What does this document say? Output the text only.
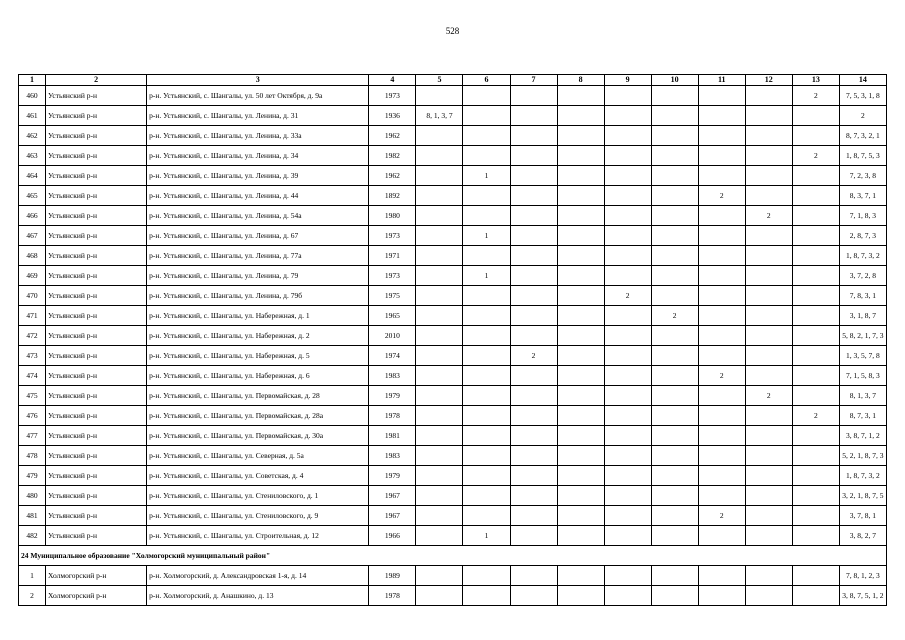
528
1	2	3	4	5	6	7	8	9	10	11	12	13	14
460	Устьянский р-н	р-н. Устьянский, с. Шангалы, ул. 50 лет Октября, д. 9а	1973									2	7, 5, 3, 1, 8
461	Устьянский р-н	р-н. Устьянский, с. Шангалы, ул. Ленина, д. 31	1936	8, 1, 3, 7									2
462	Устьянский р-н	р-н. Устьянский, с. Шангалы, ул. Ленина, д. 33а	1962										8, 7, 3, 2, 1
463	Устьянский р-н	р-н. Устьянский, с. Шангалы, ул. Ленина, д. 34	1982									2	1, 8, 7, 5, 3
464	Устьянский р-н	р-н. Устьянский, с. Шангалы, ул. Ленина, д. 39	1962		1								7, 2, 3, 8
465	Устьянский р-н	р-н. Устьянский, с. Шангалы, ул. Ленина, д. 44	1892							2			8, 3, 7, 1
466	Устьянский р-н	р-н. Устьянский, с. Шангалы, ул. Ленина, д. 54а	1980								2		7, 1, 8, 3
467	Устьянский р-н	р-н. Устьянский, с. Шангалы, ул. Ленина, д. 67	1973		1								2, 8, 7, 3
468	Устьянский р-н	р-н. Устьянский, с. Шангалы, ул. Ленина, д. 77а	1971										1, 8, 7, 3, 2
469	Устьянский р-н	р-н. Устьянский, с. Шангалы, ул. Ленина, д. 79	1973		1								3, 7, 2, 8
470	Устьянский р-н	р-н. Устьянский, с. Шангалы, ул. Ленина, д. 79б	1975					2					7, 8, 3, 1
471	Устьянский р-н	р-н. Устьянский, с. Шангалы, ул. Набережная, д. 1	1965						2				3, 1, 8, 7
472	Устьянский р-н	р-н. Устьянский, с. Шангалы, ул. Набережная, д. 2	2010										5, 8, 2, 1, 7, 3
473	Устьянский р-н	р-н. Устьянский, с. Шангалы, ул. Набережная, д. 5	1974			2							1, 3, 5, 7, 8
474	Устьянский р-н	р-н. Устьянский, с. Шангалы, ул. Набережная, д. 6	1983							2			7, 1, 5, 8, 3
475	Устьянский р-н	р-н. Устьянский, с. Шангалы, ул. Первомайская, д. 28	1979								2		8, 1, 3, 7
476	Устьянский р-н	р-н. Устьянский, с. Шангалы, ул. Первомайская, д. 28а	1978									2	8, 7, 3, 1
477	Устьянский р-н	р-н. Устьянский, с. Шангалы, ул. Первомайская, д. 30а	1981										3, 8, 7, 1, 2
478	Устьянский р-н	р-н. Устьянский, с. Шангалы, ул. Северная, д. 5а	1983										5, 2, 1, 8, 7, 3
479	Устьянский р-н	р-н. Устьянский, с. Шангалы, ул. Советская, д. 4	1979										1, 8, 7, 3, 2
480	Устьянский р-н	р-н. Устьянский, с. Шангалы, ул. Стениловского, д. 1	1967										3, 2, 1, 8, 7, 5
481	Устьянский р-н	р-н. Устьянский, с. Шангалы, ул. Стениловского, д. 9	1967							2			3, 7, 8, 1
482	Устьянский р-н	р-н. Устьянский, с. Шангалы, ул. Строительная, д. 12	1966		1								3, 8, 2, 7
24 Муниципальное образование "Холмогорский муниципальный район"													
1	Холмогорский р-н	р-н. Холмогорский, д. Александровская 1-я, д. 14	1989										7, 8, 1, 2, 3
2	Холмогорский р-н	р-н. Холмогорский, д. Анашкино, д. 13	1978										3, 8, 7, 5, 1, 2
